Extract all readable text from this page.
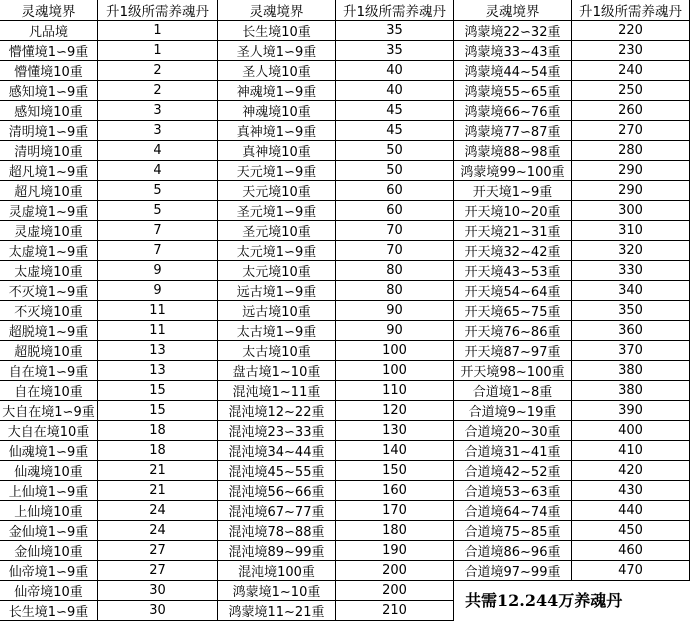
灵魂境界	升1级所需养魂丹
凡品境	1
懵懂境1∽9重	1
懵懂境10重	2
感知境1∽9重	2
感知境10重	3
清明境1∽9重	3
清明境10重	4
超凡境1~9重	4
超凡境10重	5
灵虚境1~9重	5
灵虚境10重	7
太虚境1~9重	7
太虚境10重	9
不灭境1~9重	9
不灭境10重	11
超脱境1~9重	11
超脱境10重	13
自在境1∽9重	13
自在境10重	15
大自在境1∽9重	15
大自在境10重	18
仙魂境1∽9重	18
仙魂境10重	21
上仙境1∽9重	21
上仙境10重	24
金仙境1∽9重	24
金仙境10重	27
仙帝境1∽9重	27
仙帝境10重	30
长生境1∽9重	30
灵魂境界	升1级所需养魂丹
长生境10重	35
圣人境1∽9重	35
圣人境10重	40
神魂境1∽9重	40
神魂境10重	45
真神境1∽9重	45
真神境10重	50
天元境1∽9重	50
天元境10重	60
圣元境1∽9重	60
圣元境10重	70
太元境1∽9重	70
太元境10重	80
远古境1∽9重	80
远古境10重	90
太古境1∽9重	90
太古境10重	100
盘古境1~10重	100
混沌境1~11重	110
混沌境12~22重	120
混沌境23∽33重	130
混沌境34~44重	140
混沌境45~55重	150
混沌境56~66重	160
混沌境67~77重	170
混沌境78∽88重	180
混沌境89~99重	190
混沌境100重	200
鸿蒙境1~10重	200
鸿蒙境11~21重	210
灵魂境界	升1级所需养魂丹
鸿蒙境22∽32重	220
鸿蒙境33~43重	230
鸿蒙境44~54重	240
鸿蒙境55~65重	250
鸿蒙境66~76重	260
鸿蒙境77∽87重	270
鸿蒙境88~98重	280
鸿蒙境99~100重	290
开天境1~9重	290
开天境10~20重	300
开天境21~31重	310
开天境32~42重	320
开天境43~53重	330
开天境54~64重	340
开天境65~75重	350
开天境76~86重	360
开天境87~97重	370
开天境98~100重	380
合道境1~8重	380
合道境9~19重	390
合道境20~30重	400
合道境31~41重	410
合道境42~52重	420
合道境53~63重	430
合道境64~74重	440
合道境75~85重	450
合道境86~96重	460
合道境97~99重	470
共需12.244万养魂丹
